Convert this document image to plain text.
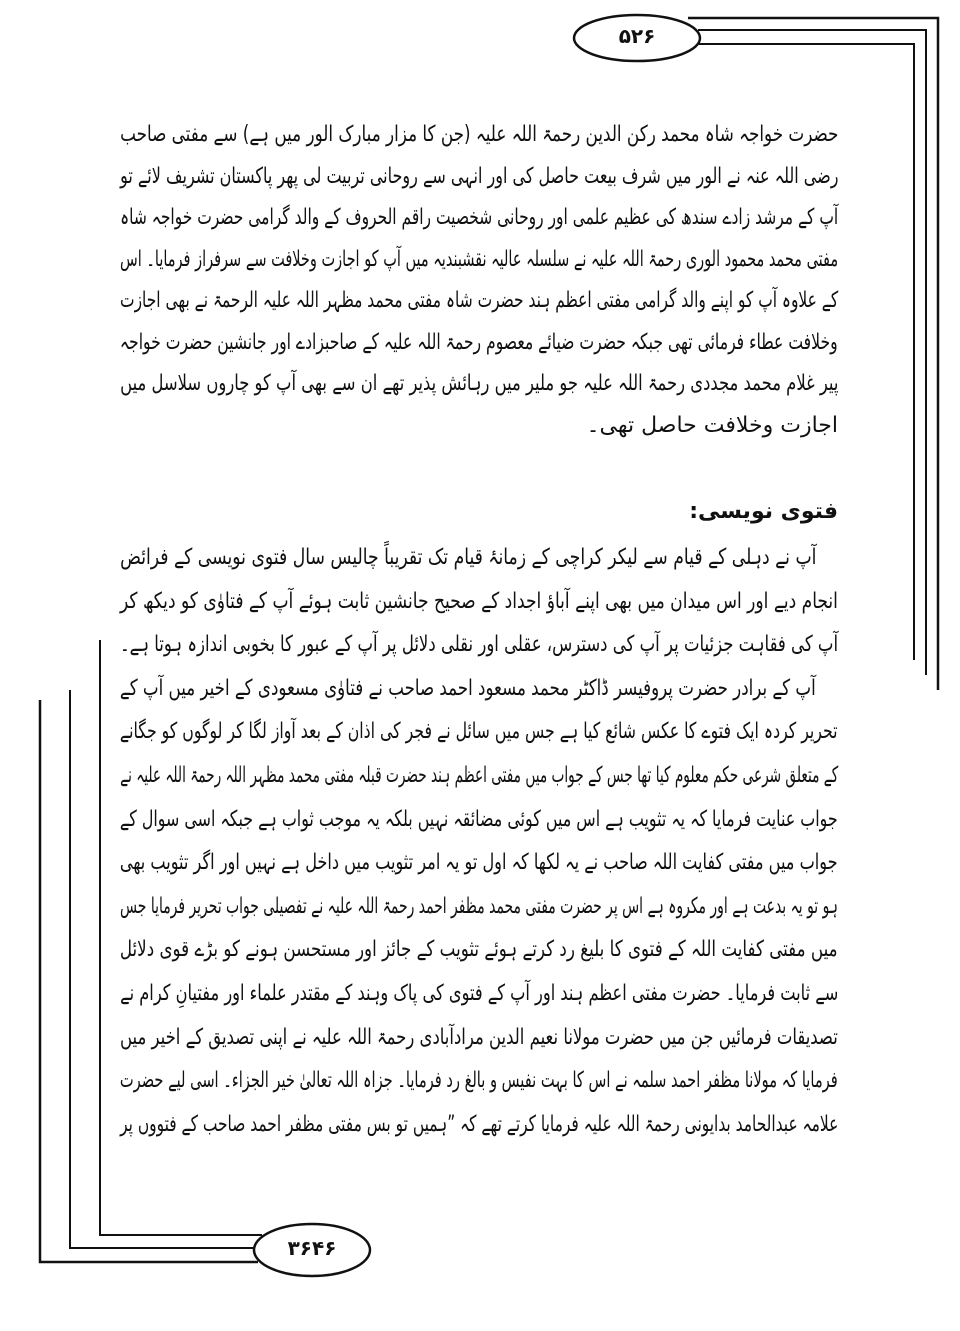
۵۲۶
۳۶۴۶
حضرت خواجہ شاہ محمد رکن الدین رحمۃ اللہ علیہ (جن کا مزار مبارک الور میں ہے) سے مفتی صاحب
رضی اللہ عنہ نے الور میں شرف بیعت حاصل کی اور انہی سے روحانی تربیت لی پھر پاکستان تشریف لائے تو
آپ کے مرشد زادے سندھ کی عظیم علمی اور روحانی شخصیت راقم الحروف کے والد گرامی حضرت خواجہ شاہ
مفتی محمد محمود الوری رحمۃ اللہ علیہ نے سلسلہ عالیہ نقشبندیہ میں آپ کو اجازت وخلافت سے سرفراز فرمایا۔ اس
کے علاوہ آپ کو اپنے والد گرامی مفتی اعظم ہند حضرت شاہ مفتی محمد مظہر اللہ علیہ الرحمۃ نے بھی اجازت
وخلافت عطاء فرمائی تھی جبکہ حضرت ضیائے معصوم رحمۃ اللہ علیہ کے صاحبزادے اور جانشین حضرت خواجہ
پیر غلام محمد مجددی رحمۃ اللہ علیہ جو ملیر میں رہائش پذیر تھے ان سے بھی آپ کو چاروں سلاسل میں
اجازت وخلافت حاصل تھی۔
فتوی نویسی:
آپ نے دہلی کے قیام سے لیکر کراچی کے زمانۂ قیام تک تقریباً چالیس سال فتوی نویسی کے فرائض
انجام دیے اور اس میدان میں بھی اپنے آباؤ اجداد کے صحیح جانشین ثابت ہوئے آپ کے فتاوٰی کو دیکھ کر
آپ کی فقاہت جزئیات پر آپ کی دسترس، عقلی اور نقلی دلائل پر آپ کے عبور کا بخوبی اندازہ ہوتا ہے۔
آپ کے برادر حضرت پروفیسر ڈاکٹر محمد مسعود احمد صاحب نے فتاوٰی مسعودی کے اخیر میں آپ کے
تحریر کردہ ایک فتوے کا عکس شائع کیا ہے جس میں سائل نے فجر کی اذان کے بعد آواز لگا کر لوگوں کو جگانے
کے متعلق شرعی حکم معلوم کیا تھا جس کے جواب میں مفتی اعظم ہند حضرت قبلہ مفتی محمد مظہر اللہ رحمۃ اللہ علیہ نے
جواب عنایت فرمایا کہ یہ تثویب ہے اس میں کوئی مضائقہ نہیں بلکہ یہ موجب ثواب ہے جبکہ اسی سوال کے
جواب میں مفتی کفایت اللہ صاحب نے یہ لکھا کہ اول تو یہ امر تثویب میں داخل ہے نہیں اور اگر تثویب بھی
ہو تو یہ بدعت ہے اور مکروہ ہے اس پر حضرت مفتی محمد مظفر احمد رحمۃ اللہ علیہ نے تفصیلی جواب تحریر فرمایا جس
میں مفتی کفایت اللہ کے فتوی کا بلیغ رد کرتے ہوئے تثویب کے جائز اور مستحسن ہونے کو بڑے قوی دلائل
سے ثابت فرمایا۔ حضرت مفتی اعظم ہند اور آپ کے فتوی کی پاک وہند کے مقتدر علماء اور مفتیانِ کرام نے
تصدیقات فرمائیں جن میں حضرت مولانا نعیم الدین مرادآبادی رحمۃ اللہ علیہ نے اپنی تصدیق کے اخیر میں
فرمایا کہ مولانا مظفر احمد سلمہ نے اس کا بہت نفیس و بالغ رد فرمایا۔ جزاہ اللہ تعالیٰ خیر الجزاء۔ اسی لیے حضرت
علامہ عبدالحامد بدایونی رحمۃ اللہ علیہ فرمایا کرتے تھے کہ ”ہمیں تو بس مفتی مظفر احمد صاحب کے فتووں پر
